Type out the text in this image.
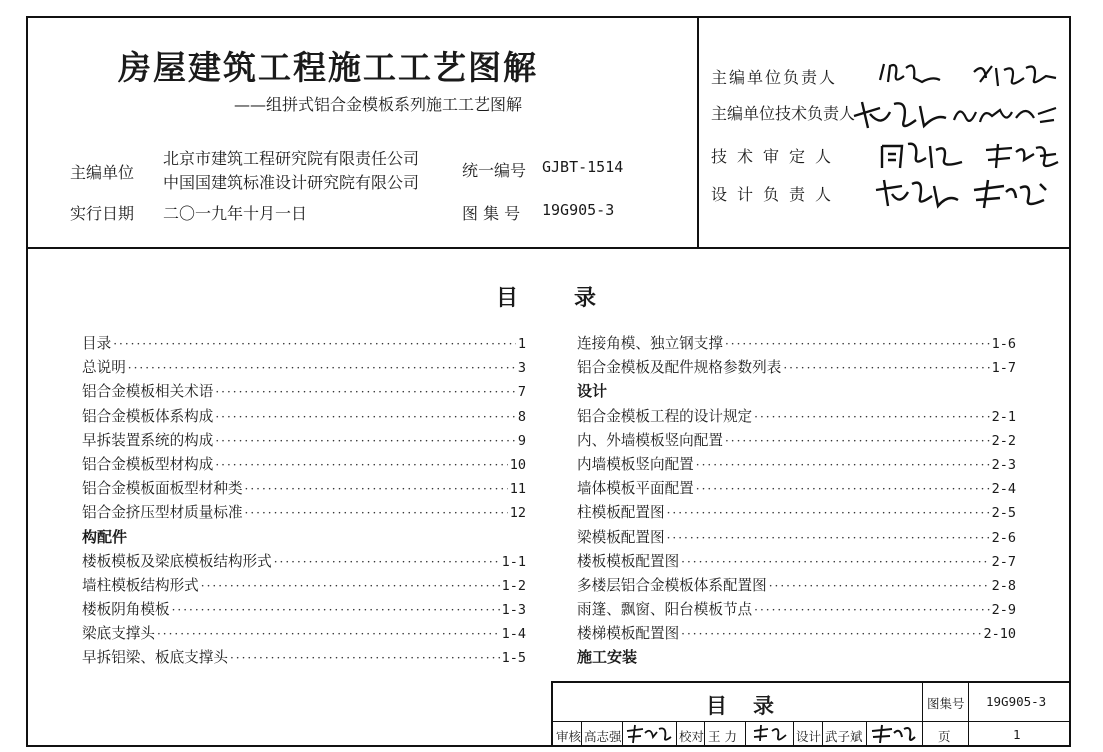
房屋建筑工程施工工艺图解
——组拼式铝合金模板系列施工工艺图解
主编单位
北京市建筑工程研究院有限责任公司
中国国建筑标准设计研究院有限公司
实行日期 二〇一九年十月一日
统一编号 GJBT-1514
图 集 号 19G905-3
主编单位负责人
主编单位技术负责人
技术审定人
设计负责人
目录
目录 ·····	1
总说明 ·····	3
铝合金模板相关术语 ·····	7
铝合金模板体系构成 ·····	8
早拆装置系统的构成 ·····	9
铝合金模板型材构成 ·····	10
铝合金模板面板型材种类 ·····	11
铝合金挤压型材质量标准 ·····	12
构配件
楼板模板及梁底模板结构形式 ·····	1-1
墙柱模板结构形式 ·····	1-2
楼板阴角模板 ·····	1-3
梁底支撑头 ·····	1-4
早拆铝梁、板底支撑头 ·····	1-5
连接角模、独立钢支撑 ·····	1-6
铝合金模板及配件规格参数列表 ·····	1-7
设计
铝合金模板工程的设计规定 ·····	2-1
内、外墙模板竖向配置 ·····	2-2
内墙模板竖向配置 ·····	2-3
墙体模板平面配置 ·····	2-4
柱模板配置图 ·····	2-5
梁模板配置图 ·····	2-6
楼板模板配置图 ·····	2-7
多楼层铝合金模板体系配置图 ·····	2-8
雨篷、飘窗、阳台模板节点 ·····	2-9
楼梯模板配置图 ·····	2-10
施工安装
目录	图集号 19G905-3
审核 高志强	校对 王 力	设计 武子斌	页	1
